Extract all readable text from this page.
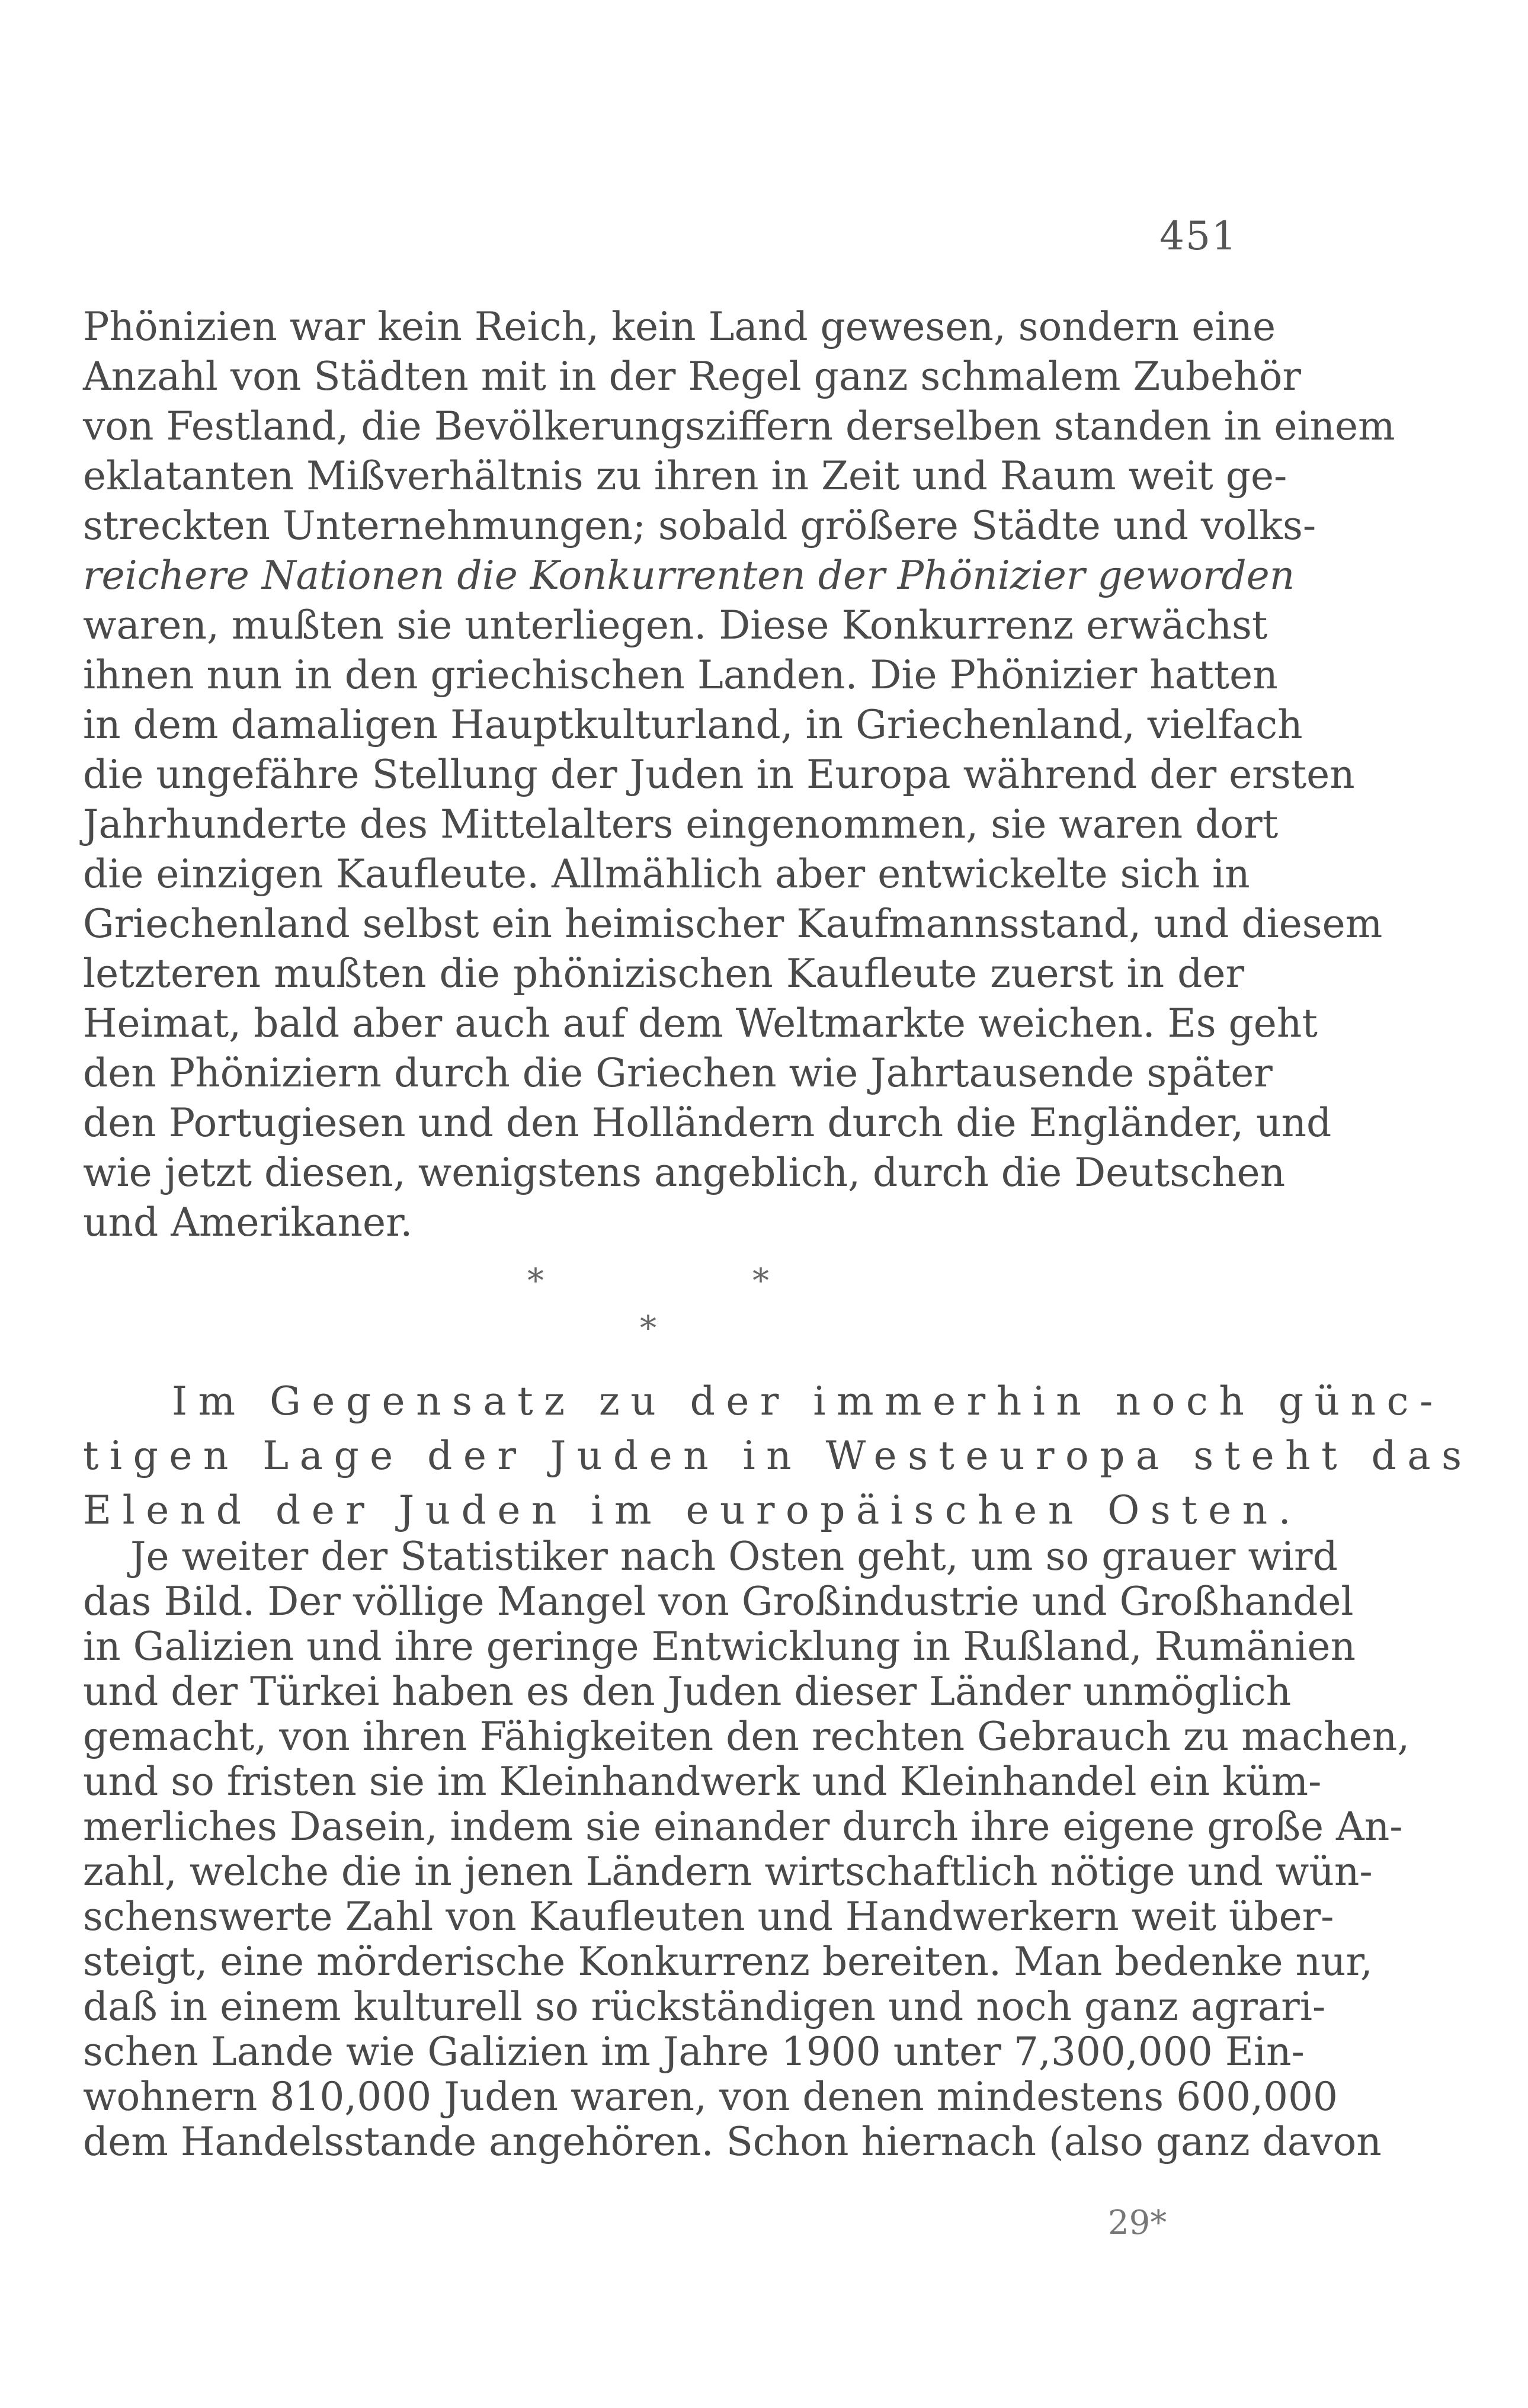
451
Phönizien war kein Reich, kein Land gewesen, sondern eine
Anzahl von Städten mit in der Regel ganz schmalem Zubehör
von Festland, die Bevölkerungsziffern derselben standen in einem
eklatanten Mißverhältnis zu ihren in Zeit und Raum weit ge-
streckten Unternehmungen; sobald größere Städte und volks-
reichere Nationen die Konkurrenten der Phönizier geworden
waren, mußten sie unterliegen. Diese Konkurrenz erwächst
ihnen nun in den griechischen Landen. Die Phönizier hatten
in dem damaligen Hauptkulturland, in Griechenland, vielfach
die ungefähre Stellung der Juden in Europa während der ersten
Jahrhunderte des Mittelalters eingenommen, sie waren dort
die einzigen Kaufleute. Allmählich aber entwickelte sich in
Griechenland selbst ein heimischer Kaufmannsstand, und diesem
letzteren mußten die phönizischen Kaufleute zuerst in der
Heimat, bald aber auch auf dem Weltmarkte weichen. Es geht
den Phöniziern durch die Griechen wie Jahrtausende später
den Portugiesen und den Holländern durch die Engländer, und
wie jetzt diesen, wenigstens angeblich, durch die Deutschen
und Amerikaner.
*	*
*
Im Gegensatz zu der immerhin noch günс-
tigen Lage der Juden in Westeuropa steht das
Elend der Juden im europäischen Osten.
Je weiter der Statistiker nach Osten geht, um so grauer wird
das Bild. Der völlige Mangel von Großindustrie und Großhandel
in Galizien und ihre geringe Entwicklung in Rußland, Rumänien
und der Türkei haben es den Juden dieser Länder unmöglich
gemacht, von ihren Fähigkeiten den rechten Gebrauch zu machen,
und so fristen sie im Kleinhandwerk und Kleinhandel ein küm-
merliches Dasein, indem sie einander durch ihre eigene große An-
zahl, welche die in jenen Ländern wirtschaftlich nötige und wün-
schenswerte Zahl von Kaufleuten und Handwerkern weit über-
steigt, eine mörderische Konkurrenz bereiten. Man bedenke nur,
daß in einem kulturell so rückständigen und noch ganz agrari-
schen Lande wie Galizien im Jahre 1900 unter 7,300,000 Ein-
wohnern 810,000 Juden waren, von denen mindestens 600,000
dem Handelsstande angehören. Schon hiernach (also ganz davon
29*
